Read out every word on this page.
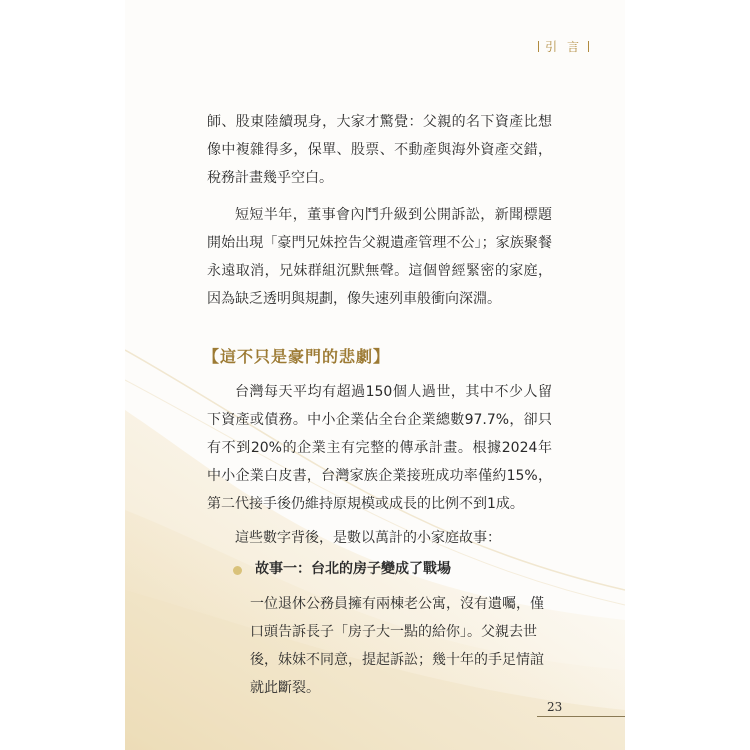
引 言
師、股東陸續現身，大家才驚覺：父親的名下資產比想像中複雜得多，保單、股票、不動產與海外資產交錯，稅務計畫幾乎空白。
短短半年，董事會內鬥升級到公開訴訟，新聞標題開始出現「豪門兄妹控告父親遺產管理不公」；家族聚餐永遠取消，兄妹群組沉默無聲。這個曾經緊密的家庭，因為缺乏透明與規劃，像失速列車般衝向深淵。
【這不只是豪門的悲劇】
台灣每天平均有超過150個人過世，其中不少人留下資產或債務。中小企業佔全台企業總數97.7%，卻只有不到20%的企業主有完整的傳承計畫。根據2024年中小企業白皮書，台灣家族企業接班成功率僅約15%，第二代接手後仍維持原規模或成長的比例不到1成。
這些數字背後，是數以萬計的小家庭故事：
故事一：台北的房子變成了戰場
一位退休公務員擁有兩棟老公寓，沒有遺囑，僅口頭告訴長子「房子大一點的給你」。父親去世後，妹妹不同意，提起訴訟；幾十年的手足情誼就此斷裂。
23
